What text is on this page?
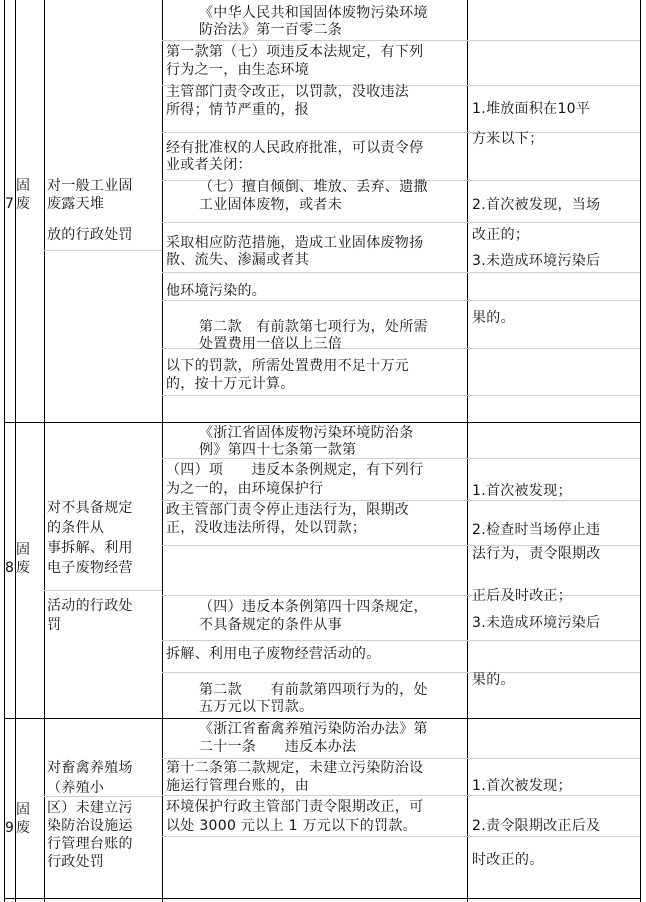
7
固
废
对一般工业固
废露天堆
放的行政处罚
《中华人民共和国固体废物污染环境
防治法》第一百零二条
第一款第（七）项违反本法规定，有下列
行为之一，由生态环境
主管部门责令改正，以罚款，没收违法
所得；情节严重的，报
经有批准权的人民政府批准，可以责令停
业或者关闭：
（七）擅自倾倒、堆放、丢弃、遗撒
工业固体废物，或者未
采取相应防范措施，造成工业固体废物扬
散、流失、渗漏或者其
他环境污染的。
第二款　有前款第七项行为，处所需
处置费用一倍以上三倍
以下的罚款，所需处置费用不足十万元
的，按十万元计算。
1.堆放面积在10平
方米以下；
2.首次被发现，当场
改正的；
3.未造成环境污染后
果的。
8
固
废
对不具备规定
的条件从
事拆解、利用
电子废物经营
活动的行政处
罚
《浙江省固体废物污染环境防治条
例》第四十七条第一款第
（四）项　　违反本条例规定，有下列行
为之一的，由环境保护行
政主管部门责令停止违法行为，限期改
正，没收违法所得，处以罚款；
（四）违反本条例第四十四条规定，
不具备规定的条件从事
拆解、利用电子废物经营活动的。
第二款　　有前款第四项行为的，处
五万元以下罚款。
1.首次被发现；
2.检查时当场停止违
法行为，责令限期改
正后及时改正；
3.未造成环境污染后
果的。
9
固
废
对畜禽养殖场
（养殖小
区）未建立污
染防治设施运
行管理台账的
行政处罚
《浙江省畜禽养殖污染防治办法》第
二十一条　　违反本办法
第十二条第二款规定，未建立污染防治设
施运行管理台账的，由
环境保护行政主管部门责令限期改正，可
以处 3000 元以上 1 万元以下的罚款。
1.首次被发现；
2.责令限期改正后及
时改正的。
